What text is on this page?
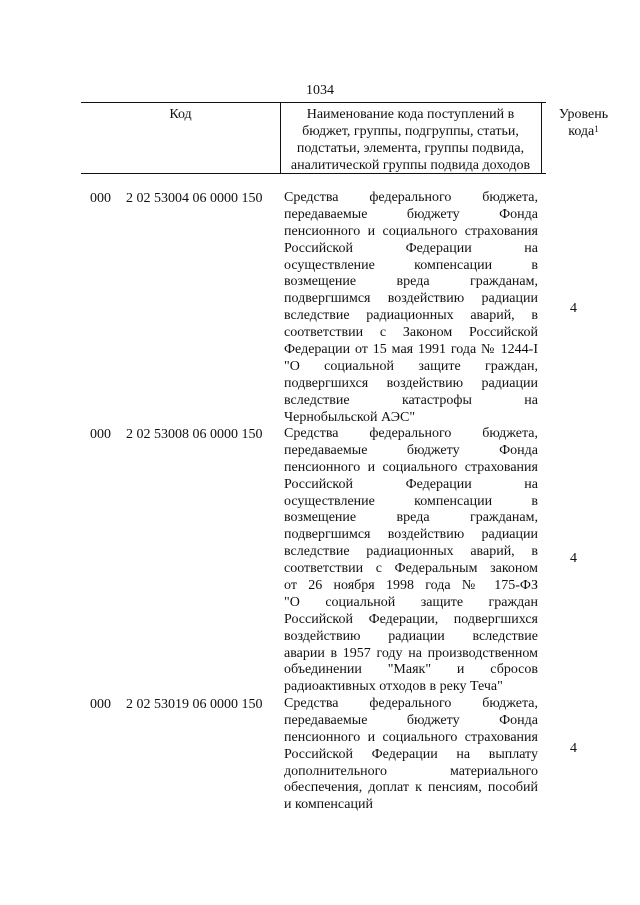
1034
Код	Наименование кода поступлений в
бюджет, группы, подгруппы, статьи,
подстатьи, элемента, группы подвида,
аналитической группы подвида доходов
Уровень
кода$^1$
000 2 02 53004 06 0000 150 Средства федерального бюджета,
передаваемые бюджету Фонда
пенсионного и социального страхования
Российской Федерации на
осуществление компенсации в
возмещение вреда гражданам,
подвергшимся воздействию радиации
вследствие радиационных аварий, в
соответствии с Законом Российской
Федерации от 15 мая 1991 года № 1244-I
"О социальной защите граждан,
подвергшихся воздействию радиации
вследствие катастрофы на
Чернобыльской АЭС"
4
000 2 02 53008 06 0000 150 Средства федерального бюджета,
передаваемые бюджету Фонда
пенсионного и социального страхования
Российской Федерации на
осуществление компенсации в
возмещение вреда гражданам,
подвергшимся воздействию радиации
вследствие радиационных аварий, в
соответствии с Федеральным законом
от 26 ноября 1998 года № 175-ФЗ
"О социальной защите граждан
Российской Федерации, подвергшихся
воздействию радиации вследствие
аварии в 1957 году на производственном
объединении "Маяк" и сбросов
радиоактивных отходов в реку Теча"
4
000 2 02 53019 06 0000 150 Средства федерального бюджета,
передаваемые бюджету Фонда
пенсионного и социального страхования
Российской Федерации на выплату
дополнительного материального
обеспечения, доплат к пенсиям, пособий
и компенсаций
4
